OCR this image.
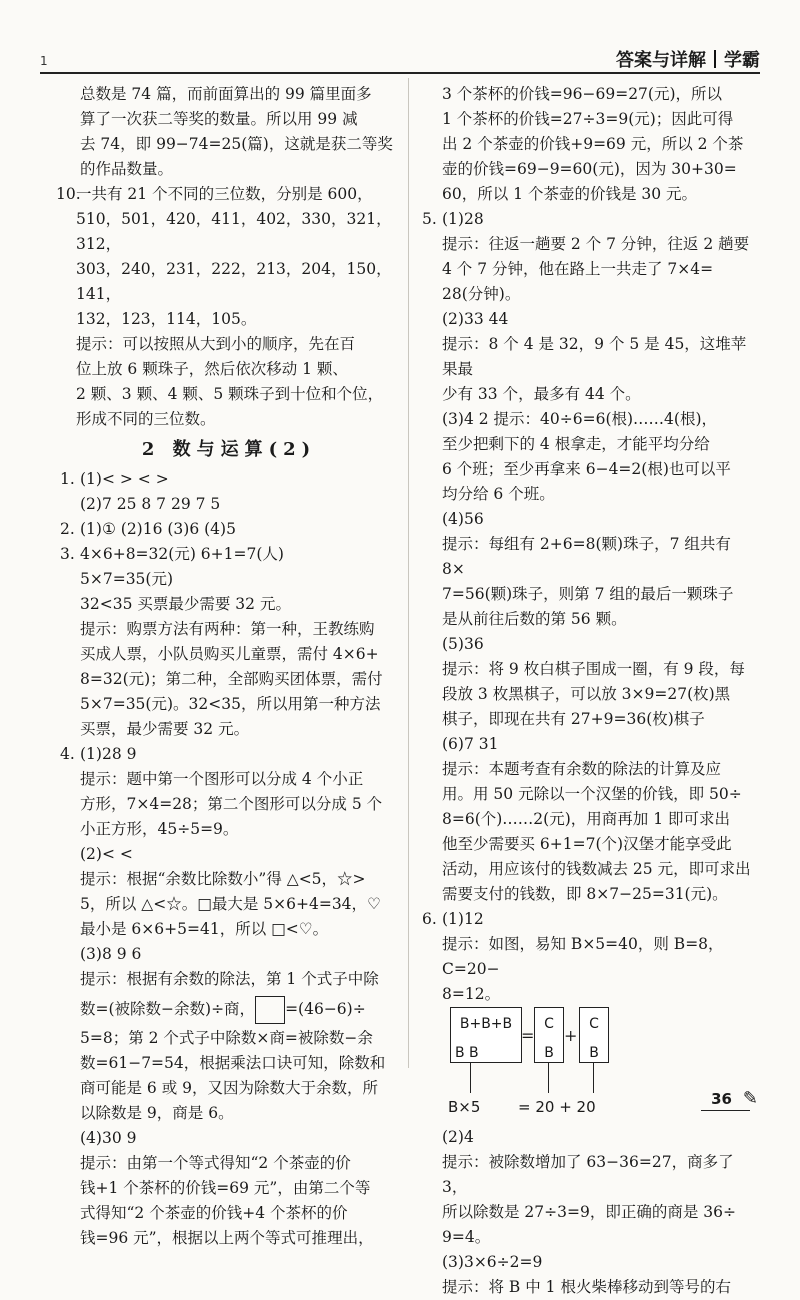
1	答案与详解 学霸
总数是 74 篇，而前面算出的 99 篇里面多
算了一次获二等奖的数量。所以用 99 减
去 74，即 99−74=25(篇)，这就是获二等奖
的作品数量。
10.
一共有 21 个不同的三位数，分别是 600，
510，501，420，411，402，330，321，312，
303，240，231，222，213，204，150，141，
132，123，114，105。
提示：可以按照从大到小的顺序，先在百
位上放 6 颗珠子，然后依次移动 1 颗、
2 颗、3 颗、4 颗、5 颗珠子到十位和个位，
形成不同的三位数。
2 数与运算(2)
1. (1)< > < >
(2)7 25 8 7 29 7 5
2. (1)① (2)16 (3)6 (4)5
3. 4×6+8=32(元) 6+1=7(人)
5×7=35(元)
32<35 买票最少需要 32 元。
提示：购票方法有两种：第一种，王教练购
买成人票，小队员购买儿童票，需付 4×6+
8=32(元)；第二种，全部购买团体票，需付
5×7=35(元)。32<35，所以用第一种方法
买票，最少需要 32 元。
4. (1)28 9
提示：题中第一个图形可以分成 4 个小正
方形，7×4=28；第二个图形可以分成 5 个
小正方形，45÷5=9。
(2)< <
提示：根据“余数比除数小”得 △<5，☆>
5，所以 △<☆。□最大是 5×6+4=34，♡
最小是 6×6+5=41，所以 □<♡。
(3)8 9 6
提示：根据有余数的除法，第 1 个式子中除
数=(被除数−余数)÷商， =(46−6)÷
5=8；第 2 个式子中除数×商=被除数−余
数=61−7=54，根据乘法口诀可知，除数和
商可能是 6 或 9，又因为除数大于余数，所
以除数是 9，商是 6。
(4)30 9
提示：由第一个等式得知“2 个茶壶的价
钱+1 个茶杯的价钱=69 元”，由第二个等
式得知“2 个茶壶的价钱+4 个茶杯的价
钱=96 元”，根据以上两个等式可推理出，
3 个茶杯的价钱=96−69=27(元)，所以
1 个茶杯的价钱=27÷3=9(元)；因此可得
出 2 个茶壶的价钱+9=69 元，所以 2 个茶
壶的价钱=69−9=60(元)，因为 30+30=
60，所以 1 个茶壶的价钱是 30 元。
5. (1)28
提示：往返一趟要 2 个 7 分钟，往返 2 趟要
4 个 7 分钟，他在路上一共走了 7×4=
28(分钟)。
(2)33 44
提示：8 个 4 是 32，9 个 5 是 45，这堆苹果最
少有 33 个，最多有 44 个。
(3)4 2 提示：40÷6=6(根)……4(根)，
至少把剩下的 4 根拿走，才能平均分给
6 个班；至少再拿来 6−4=2(根)也可以平
均分给 6 个班。
(4)56
提示：每组有 2+6=8(颗)珠子，7 组共有 8×
7=56(颗)珠子，则第 7 组的最后一颗珠子
是从前往后数的第 56 颗。
(5)36
提示：将 9 枚白棋子围成一圈，有 9 段，每
段放 3 枚黑棋子，可以放 3×9=27(枚)黑
棋子，即现在共有 27+9=36(枚)棋子
(6)7 31
提示：本题考查有余数的除法的计算及应
用。用 50 元除以一个汉堡的价钱，即 50÷
8=6(个)……2(元)，用商再加 1 即可求出
他至少需要买 6+1=7(个)汉堡才能享受此
活动，用应该付的钱数减去 25 元，即可求出
需要支付的钱数，即 8×7−25=31(元)。
6. (1)12
提示：如图，易知 B×5=40，则 B=8，C=20−
8=12。
B+B+B
B B
=
C
B
+
C
B
B×5	= 20 + 20
(2)4
提示：被除数增加了 63−36=27，商多了 3，
所以除数是 27÷3=9，即正确的商是 36÷
9=4。
(3)3×6÷2=9
提示：将 B 中 1 根火柴棒移动到等号的右
36 ✎
